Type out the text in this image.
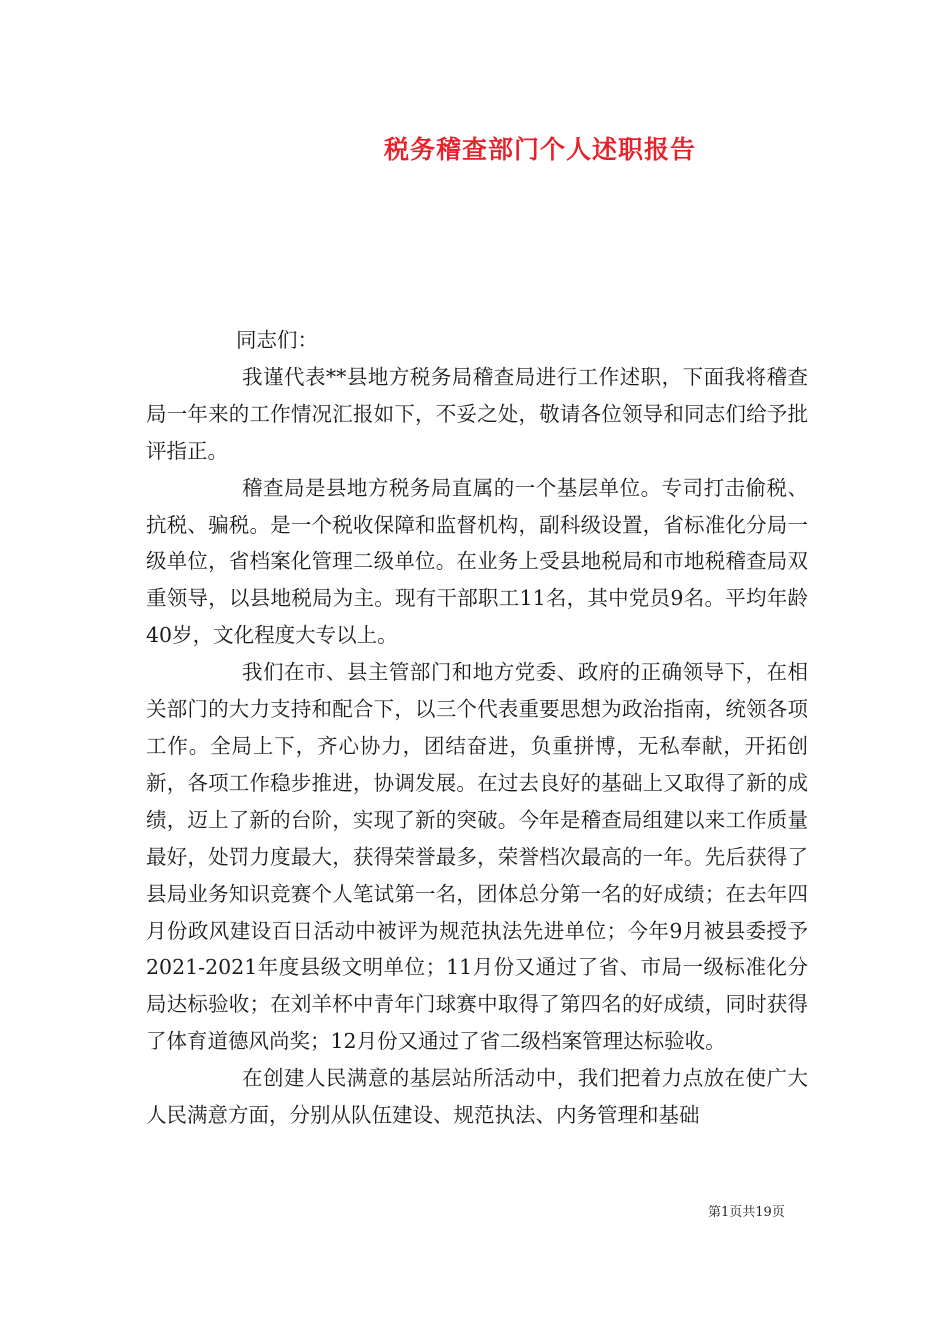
税务稽查部门个人述职报告

同志们：

我谨代表**县地方税务局稽查局进行工作述职，下面我将稽查局一年来的工作情况汇报如下，不妥之处，敬请各位领导和同志们给予批评指正。

稽查局是县地方税务局直属的一个基层单位。专司打击偷税、抗税、骗税。是一个税收保障和监督机构，副科级设置，省标准化分局一级单位，省档案化管理二级单位。在业务上受县地税局和市地税稽查局双重领导，以县地税局为主。现有干部职工11名，其中党员9名。平均年龄40岁，文化程度大专以上。

我们在市、县主管部门和地方党委、政府的正确领导下，在相关部门的大力支持和配合下，以三个代表重要思想为政治指南，统领各项工作。全局上下，齐心协力，团结奋进，负重拼博，无私奉献，开拓创新，各项工作稳步推进，协调发展。在过去良好的基础上又取得了新的成绩，迈上了新的台阶，实现了新的突破。今年是稽查局组建以来工作质量最好，处罚力度最大，获得荣誉最多，荣誉档次最高的一年。先后获得了县局业务知识竞赛个人笔试第一名，团体总分第一名的好成绩；在去年四月份政风建设百日活动中被评为规范执法先进单位；今年9月被县委授予2021-2021年度县级文明单位；11月份又通过了省、市局一级标准化分局达标验收；在刘羊杯中青年门球赛中取得了第四名的好成绩，同时获得了体育道德风尚奖；12月份又通过了省二级档案管理达标验收。

在创建人民满意的基层站所活动中，我们把着力点放在使广大人民满意方面，分别从队伍建设、规范执法、内务管理和基础

第1页共19页
